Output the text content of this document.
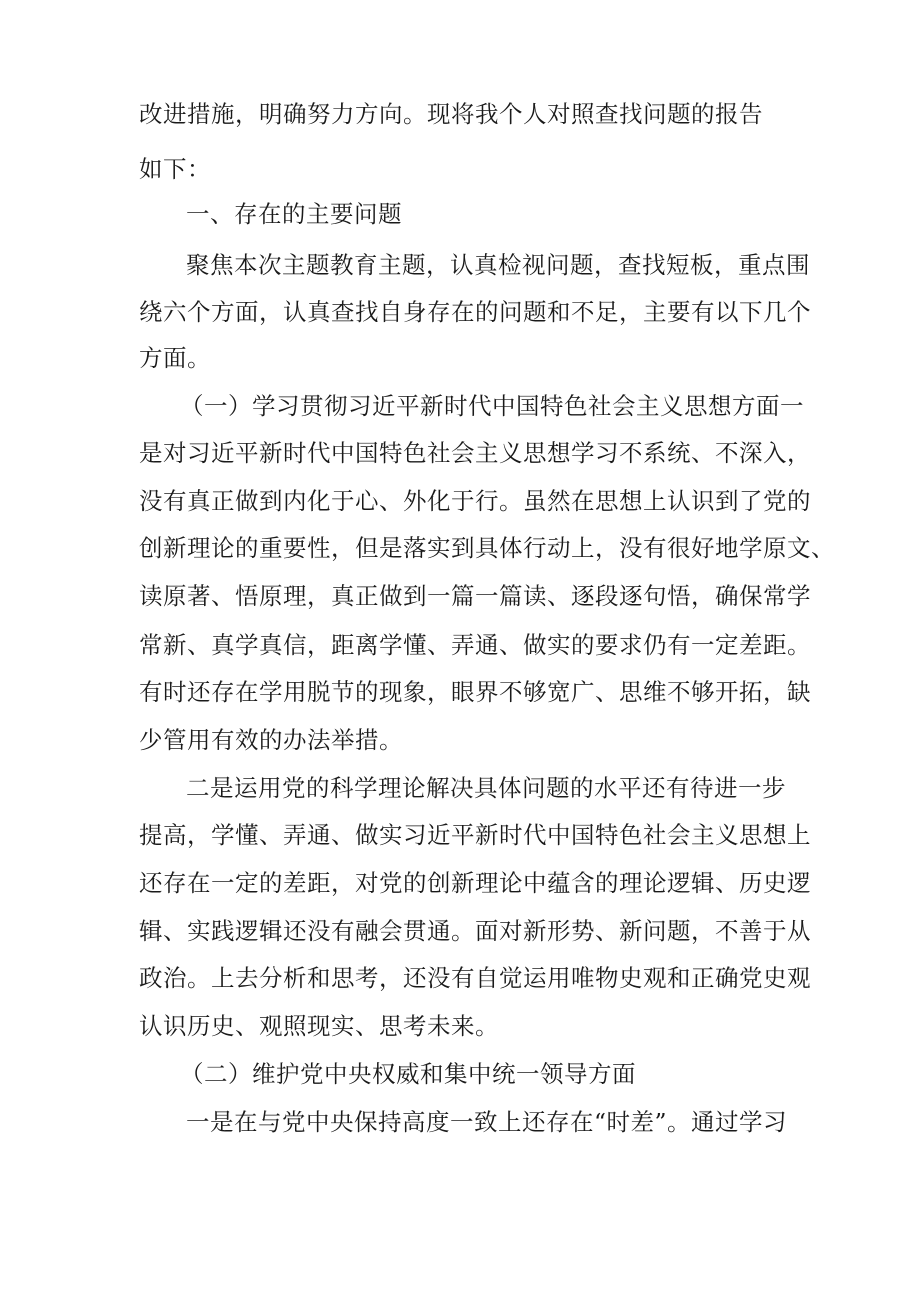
改进措施，明确努力方向。现将我个人对照查找问题的报告
如下：
一、存在的主要问题
聚焦本次主题教育主题，认真检视问题，查找短板，重点围
绕六个方面，认真查找自身存在的问题和不足，主要有以下几个
方面。
（一）学习贯彻习近平新时代中国特色社会主义思想方面一
是对习近平新时代中国特色社会主义思想学习不系统、不深入，
没有真正做到内化于心、外化于行。虽然在思想上认识到了党的
创新理论的重要性，但是落实到具体行动上，没有很好地学原文、
读原著、悟原理，真正做到一篇一篇读、逐段逐句悟，确保常学
常新、真学真信，距离学懂、弄通、做实的要求仍有一定差距。
有时还存在学用脱节的现象，眼界不够宽广、思维不够开拓，缺
少管用有效的办法举措。
二是运用党的科学理论解决具体问题的水平还有待进一步
提高，学懂、弄通、做实习近平新时代中国特色社会主义思想上
还存在一定的差距，对党的创新理论中蕴含的理论逻辑、历史逻
辑、实践逻辑还没有融会贯通。面对新形势、新问题，不善于从
政治。上去分析和思考，还没有自觉运用唯物史观和正确党史观
认识历史、观照现实、思考未来。
（二）维护党中央权威和集中统一领导方面
一是在与党中央保持高度一致上还存在“时差”。通过学习
